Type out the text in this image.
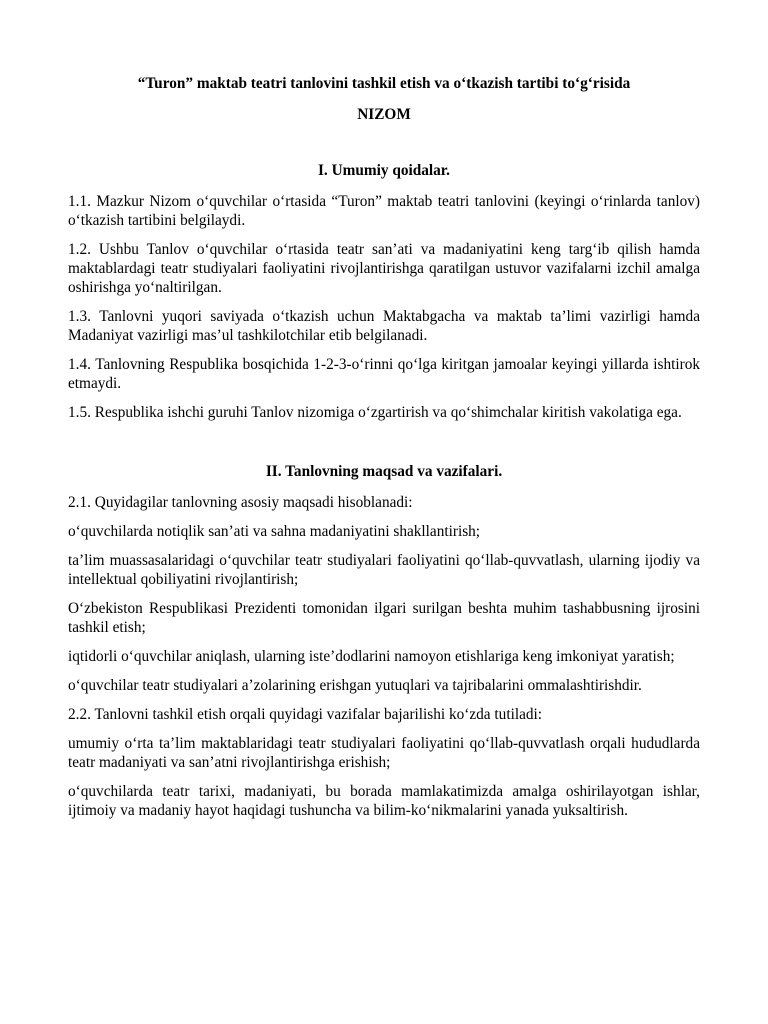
“Turon” maktab teatri tanlovini tashkil etish va oʻtkazish tartibi toʻgʻrisida

NIZOM

I. Umumiy qoidalar.

1.1. Mazkur Nizom oʻquvchilar oʻrtasida “Turon” maktab teatri tanlovini (keyingi oʻrinlarda tanlov) oʻtkazish tartibini belgilaydi.

1.2. Ushbu Tanlov oʻquvchilar oʻrtasida teatr san’ati va madaniyatini keng targʻib qilish hamda maktablardagi teatr studiyalari faoliyatini rivojlantirishga qaratilgan ustuvor vazifalarni izchil amalga oshirishga yoʻnaltirilgan.

1.3. Tanlovni yuqori saviyada oʻtkazish uchun Maktabgacha va maktab ta’limi vazirligi hamda Madaniyat vazirligi mas’ul tashkilotchilar etib belgilanadi.

1.4. Tanlovning Respublika bosqichida 1-2-3-oʻrinni qoʻlga kiritgan jamoalar keyingi yillarda ishtirok etmaydi.

1.5. Respublika ishchi guruhi Tanlov nizomiga oʻzgartirish va qoʻshimchalar kiritish vakolatiga ega.

II. Tanlovning maqsad va vazifalari.

2.1. Quyidagilar tanlovning asosiy maqsadi hisoblanadi:

oʻquvchilarda notiqlik san’ati va sahna madaniyatini shakllantirish;

ta’lim muassasalaridagi oʻquvchilar teatr studiyalari faoliyatini qoʻllab-quvvatlash, ularning ijodiy va intellektual qobiliyatini rivojlantirish;

Oʻzbekiston Respublikasi Prezidenti tomonidan ilgari surilgan beshta muhim tashabbusning ijrosini tashkil etish;

iqtidorli oʻquvchilar aniqlash, ularning iste’dodlarini namoyon etishlariga keng imkoniyat yaratish;

oʻquvchilar teatr studiyalari a’zolarining erishgan yutuqlari va tajribalarini ommalashtirishdir.

2.2. Tanlovni tashkil etish orqali quyidagi vazifalar bajarilishi koʻzda tutiladi:

umumiy oʻrta ta’lim maktablaridagi teatr studiyalari faoliyatini qoʻllab-quvvatlash orqali hududlarda teatr madaniyati va san’atni rivojlantirishga erishish;

oʻquvchilarda teatr tarixi, madaniyati, bu borada mamlakatimizda amalga oshirilayotgan ishlar, ijtimoiy va madaniy hayot haqidagi tushuncha va bilim-koʻnikmalarini yanada yuksaltirish.
